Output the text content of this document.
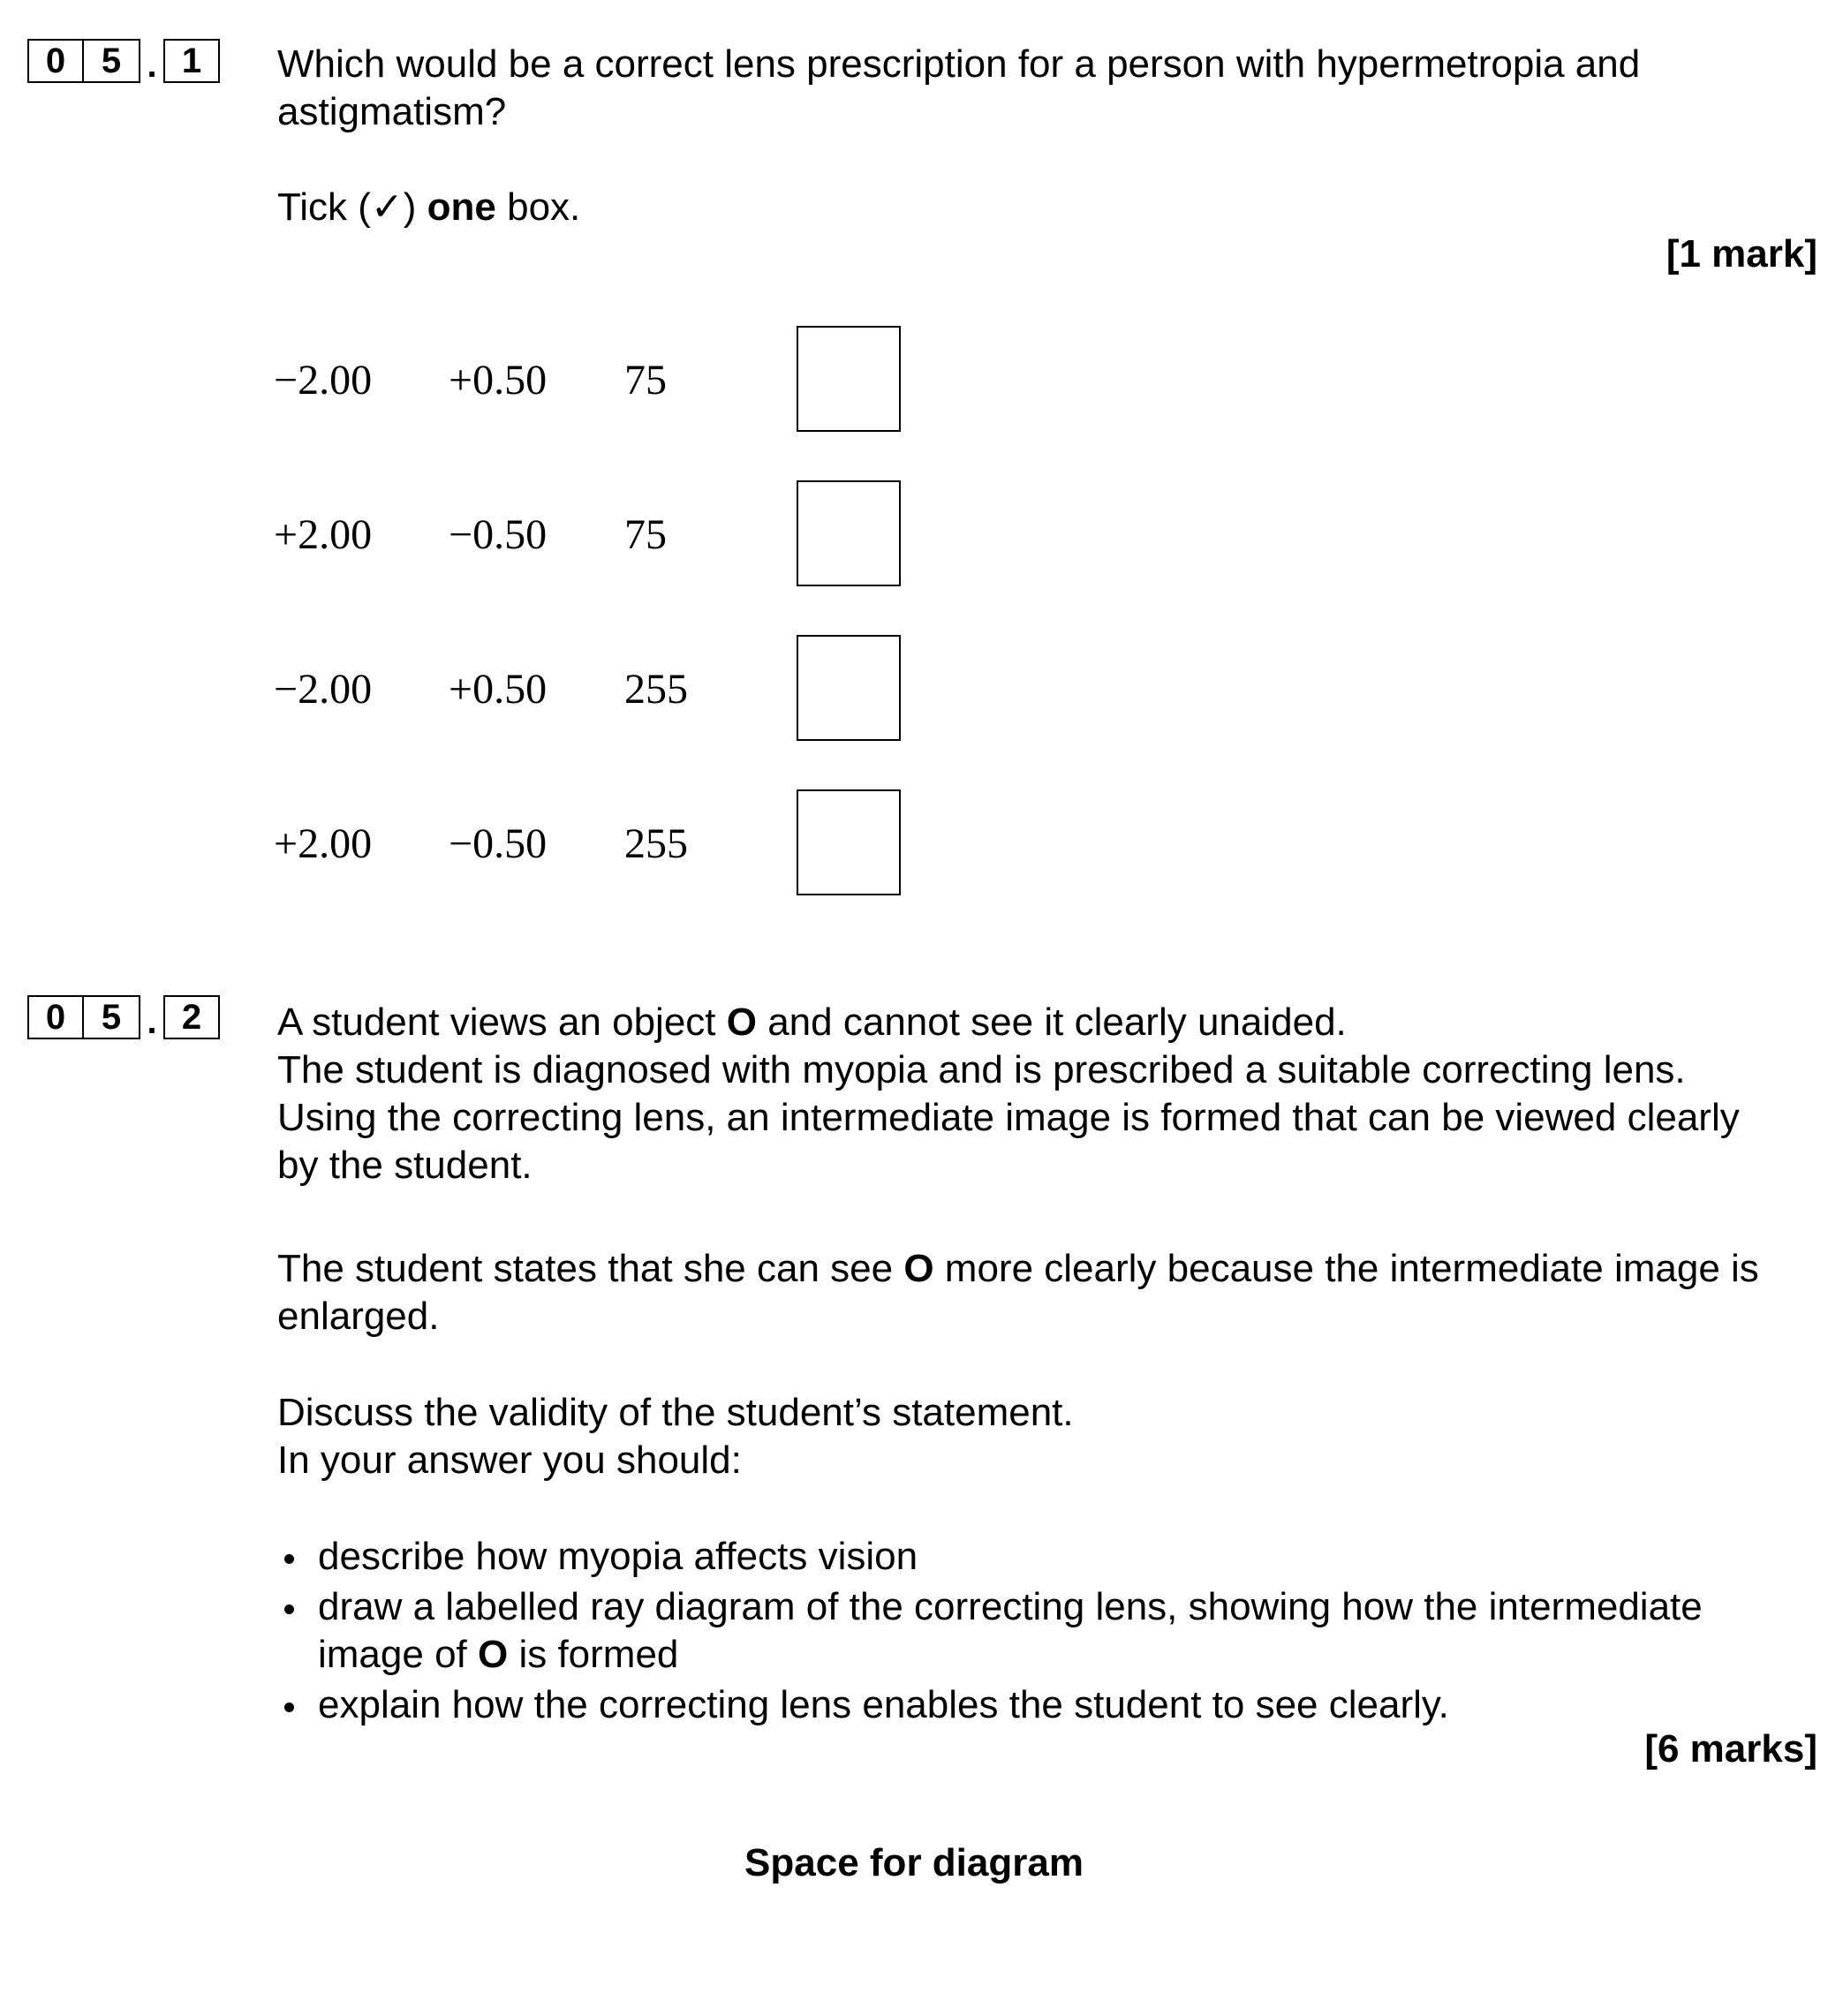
0	5 . 1	Which would be a correct lens prescription for a person with hypermetropia and
astigmatism?
Tick (✓) one box.
[1 mark]
−2.00 +0.50 75
+2.00 −0.50 75
−2.00 +0.50 255
+2.00 −0.50 255
0	5 . 2	A student views an object O and cannot see it clearly unaided.
The student is diagnosed with myopia and is prescribed a suitable correcting lens.
Using the correcting lens, an intermediate image is formed that can be viewed clearly
by the student.
The student states that she can see O more clearly because the intermediate image is
enlarged.
Discuss the validity of the student’s statement.
In your answer you should:
describe how myopia affects vision
draw a labelled ray diagram of the correcting lens, showing how the intermediate
image of O is formed
explain how the correcting lens enables the student to see clearly.
[6 marks]
Space for diagram
